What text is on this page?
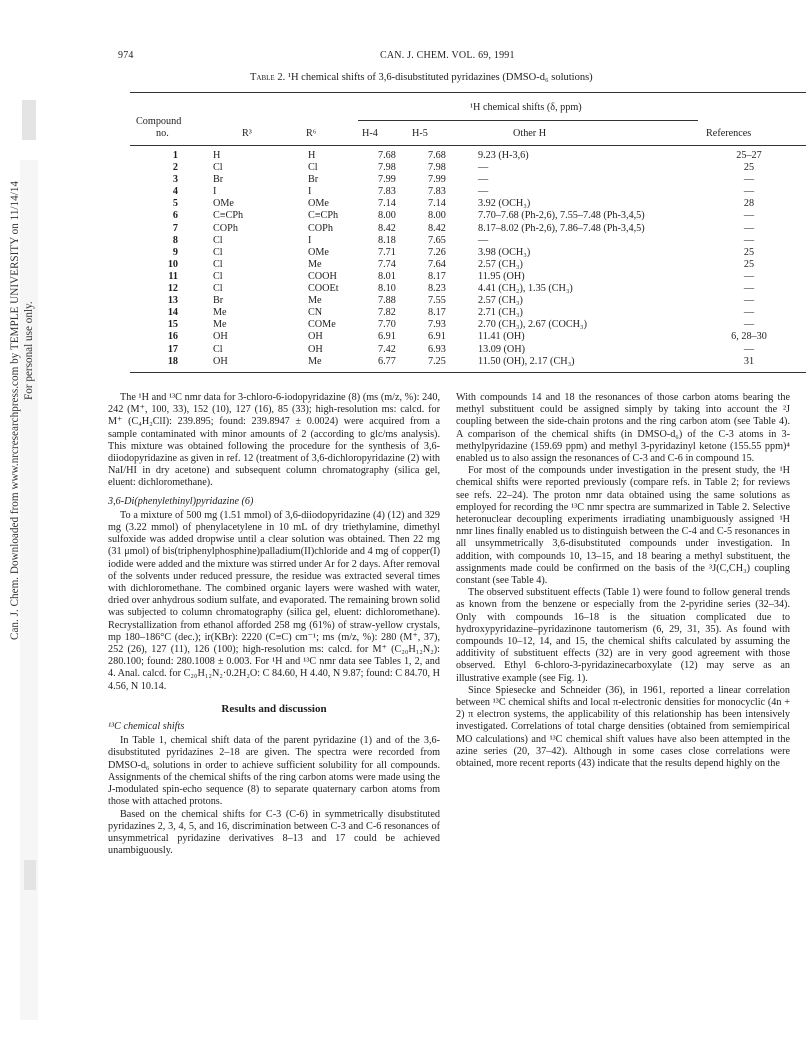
Can. J. Chem. Downloaded from www.nrcresearchpress.com by TEMPLE UNIVERSITY on 11/14/14 For personal use only.
974	CAN. J. CHEM. VOL. 69, 1991
Table 2. ¹H chemical shifts of 3,6-disubstituted pyridazines (DMSO-d₆ solutions)
¹H chemical shifts (δ, ppm)
Compound
no.	R³	R⁶	H-4	H-5	Other H	References
1	H	H	7.68	7.68	9.23 (H-3,6)	25–27
2	Cl	Cl	7.98	7.98	—	25
3	Br	Br	7.99	7.99	—	—
4	I	I	7.83	7.83	—	—
5	OMe	OMe	7.14	7.14	3.92 (OCH₃)	28
6	C≡CPh	C≡CPh	8.00	8.00	7.70–7.68 (Ph-2,6), 7.55–7.48 (Ph-3,4,5)	—
7	COPh	COPh	8.42	8.42	8.17–8.02 (Ph-2,6), 7.86–7.48 (Ph-3,4,5)	—
8	Cl	I	8.18	7.65	—	—
9	Cl	OMe	7.71	7.26	3.98 (OCH₃)	25
10	Cl	Me	7.74	7.64	2.57 (CH₃)	25
11	Cl	COOH	8.01	8.17	11.95 (OH)	—
12	Cl	COOEt	8.10	8.23	4.41 (CH₂), 1.35 (CH₃)	—
13	Br	Me	7.88	7.55	2.57 (CH₃)	—
14	Me	CN	7.82	8.17	2.71 (CH₃)	—
15	Me	COMe	7.70	7.93	2.70 (CH₃), 2.67 (COCH₃)	—
16	OH	OH	6.91	6.91	11.41 (OH)	6, 28–30
17	Cl	OH	7.42	6.93	13.09 (OH)	—
18	OH	Me	6.77	7.25	11.50 (OH), 2.17 (CH₃)	31

The ¹H and ¹³C nmr data for 3-chloro-6-iodopyridazine (8) (ms (m/z, %): 240, 242 (M⁺, 100, 33), 152 (10), 127 (16), 85 (33); high-resolution ms: calcd. for M⁺ (C₄H₂ClI): 239.895; found: 239.8947 ± 0.0024) were acquired from a sample contaminated with minor amounts of 2 (according to glc/ms analysis). This mixture was obtained following the procedure for the synthesis of 3,6-diiodopyridazine as given in ref. 12 (treatment of 3,6-dichloropyridazine (2) with NaI/HI in dry acetone) and subsequent column chromatography (silica gel, eluent: dichloromethane).

3,6-Di(phenylethinyl)pyridazine (6)

To a mixture of 500 mg (1.51 mmol) of 3,6-diiodopyridazine (4) (12) and 329 mg (3.22 mmol) of phenylacetylene in 10 mL of dry triethylamine, dimethyl sulfoxide was added dropwise until a clear solution was obtained. Then 22 mg (31 μmol) of bis(triphenylphosphine)palladium(II)chloride and 4 mg of copper(I) iodide were added and the mixture was stirred under Ar for 2 days. After removal of the solvents under reduced pressure, the residue was extracted several times with dichloromethane. The combined organic layers were washed with water, dried over anhydrous sodium sulfate, and evaporated. The remaining brown solid was subjected to column chromatography (silica gel, eluent: dichloromethane). Recrystallization from ethanol afforded 258 mg (61%) of straw-yellow crystals, mp 180–186°C (dec.); ir(KBr): 2220 (C≡C) cm⁻¹; ms (m/z, %): 280 (M⁺, 37), 252 (26), 127 (11), 126 (100); high-resolution ms: calcd. for M⁺ (C₂₀H₁₂N₂): 280.100; found: 280.1008 ± 0.003. For ¹H and ¹³C nmr data see Tables 1, 2, and 4. Anal. calcd. for C₂₀H₁₂N₂·0.2H₂O: C 84.60, H 4.40, N 9.87; found: C 84.70, H 4.56, N 10.14.

Results and discussion

¹³C chemical shifts

In Table 1, chemical shift data of the parent pyridazine (1) and of the 3,6-disubstituted pyridazines 2–18 are given. The spectra were recorded from DMSO-d₆ solutions in order to achieve sufficient solubility for all compounds. Assignments of the chemical shifts of the ring carbon atoms were made using the J-modulated spin-echo sequence (8) to separate quaternary carbon atoms from those with attached protons.

Based on the chemical shifts for C-3 (C-6) in symmetrically disubstituted pyridazines 2, 3, 4, 5, and 16, discrimination between C-3 and C-6 resonances of unsymmetrical pyridazine derivatives 8–13 and 17 could be achieved unambiguously.

With compounds 14 and 18 the resonances of those carbon atoms bearing the methyl substituent could be assigned simply by taking into account the ²J coupling between the side-chain protons and the ring carbon atom (see Table 4). A comparison of the chemical shifts (in DMSO-d₆) of the C-3 atoms in 3-methylpyridazine (159.69 ppm) and methyl 3-pyridazinyl ketone (155.55 ppm)⁴ enabled us to also assign the resonances of C-3 and C-6 in compound 15.

For most of the compounds under investigation in the present study, the ¹H chemical shifts were reported previously (compare refs. in Table 2; for reviews see refs. 22–24). The proton nmr data obtained using the same solutions as employed for recording the ¹³C nmr spectra are summarized in Table 2. Selective heteronuclear decoupling experiments irradiating unambiguously assigned ¹H nmr lines finally enabled us to distinguish between the C-4 and C-5 resonances in all unsymmetrically 3,6-disubstituted compounds under investigation. In addition, with compounds 10, 13–15, and 18 bearing a methyl substituent, the assignments made could be confirmed on the basis of the ³J(C,CH₃) coupling constant (see Table 4).

The observed substituent effects (Table 1) were found to follow general trends as known from the benzene or especially from the 2-pyridine series (32–34). Only with compounds 16–18 is the situation complicated due to hydroxypyridazine–pyridazinone tautomerism (6, 29, 31, 35). As found with compounds 10–12, 14, and 15, the chemical shifts calculated by assuming the additivity of substituent effects (32) are in very good agreement with those observed. Ethyl 6-chloro-3-pyridazinecarboxylate (12) may serve as an illustrative example (see Fig. 1).

Since Spiesecke and Schneider (36), in 1961, reported a linear correlation between ¹³C chemical shifts and local π-electronic densities for monocyclic (4n + 2) π electron systems, the applicability of this relationship has been intensively investigated. Correlations of total charge densities (obtained from semiempirical MO calculations) and ¹³C chemical shift values have also been attempted in the azine series (20, 37–42). Although in some cases close correlations were obtained, more recent reports (43) indicate that the results depend highly on the
